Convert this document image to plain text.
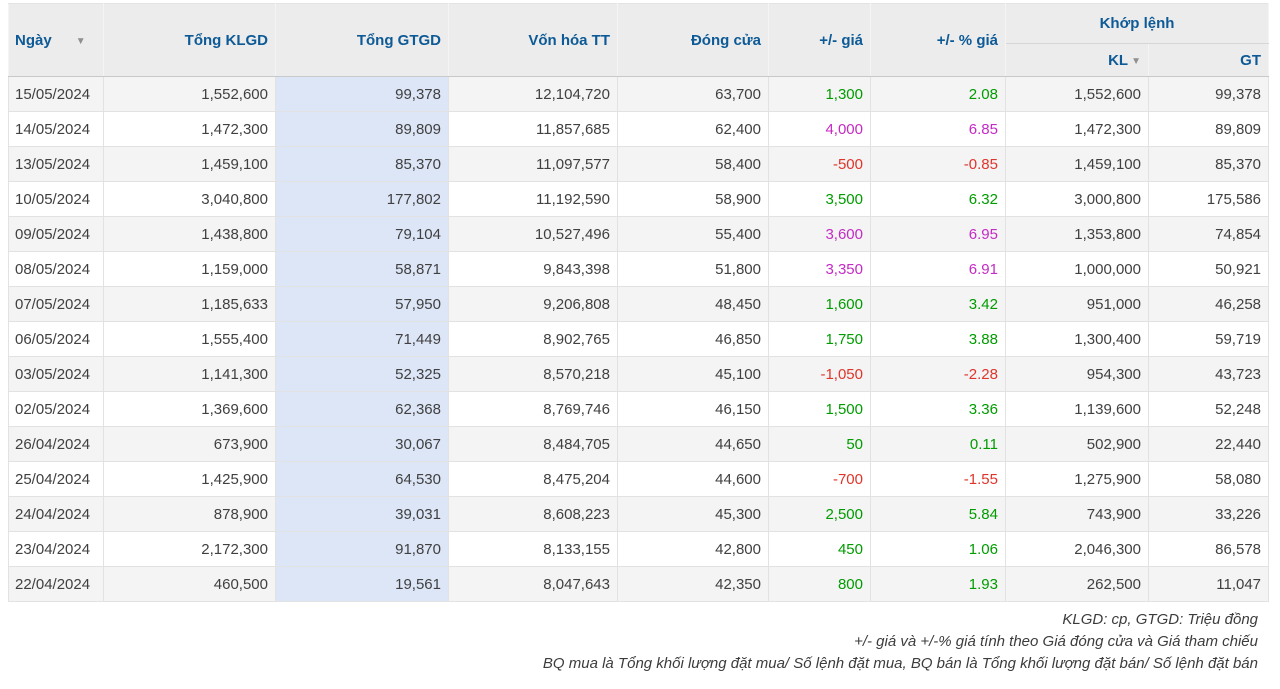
Ngày ▼	Tổng KLGD	Tổng GTGD	Vốn hóa TT	Đóng cửa	+/- giá	+/- % giá	Khớp lệnh	
							KL ▼	GT
15/05/2024	1,552,600	99,378	12,104,720	63,700	1,300	2.08	1,552,600	99,378
14/05/2024	1,472,300	89,809	11,857,685	62,400	4,000	6.85	1,472,300	89,809
13/05/2024	1,459,100	85,370	11,097,577	58,400	-500	-0.85	1,459,100	85,370
10/05/2024	3,040,800	177,802	11,192,590	58,900	3,500	6.32	3,000,800	175,586
09/05/2024	1,438,800	79,104	10,527,496	55,400	3,600	6.95	1,353,800	74,854
08/05/2024	1,159,000	58,871	9,843,398	51,800	3,350	6.91	1,000,000	50,921
07/05/2024	1,185,633	57,950	9,206,808	48,450	1,600	3.42	951,000	46,258
06/05/2024	1,555,400	71,449	8,902,765	46,850	1,750	3.88	1,300,400	59,719
03/05/2024	1,141,300	52,325	8,570,218	45,100	-1,050	-2.28	954,300	43,723
02/05/2024	1,369,600	62,368	8,769,746	46,150	1,500	3.36	1,139,600	52,248
26/04/2024	673,900	30,067	8,484,705	44,650	50	0.11	502,900	22,440
25/04/2024	1,425,900	64,530	8,475,204	44,600	-700	-1.55	1,275,900	58,080
24/04/2024	878,900	39,031	8,608,223	45,300	2,500	5.84	743,900	33,226
23/04/2024	2,172,300	91,870	8,133,155	42,800	450	1.06	2,046,300	86,578
22/04/2024	460,500	19,561	8,047,643	42,350	800	1.93	262,500	11,047
KLGD: cp, GTGD: Triệu đồng
+/- giá và +/-% giá tính theo Giá đóng cửa và Giá tham chiếu
BQ mua là Tổng khối lượng đặt mua/ Số lệnh đặt mua, BQ bán là Tổng khối lượng đặt bán/ Số lệnh đặt bán
